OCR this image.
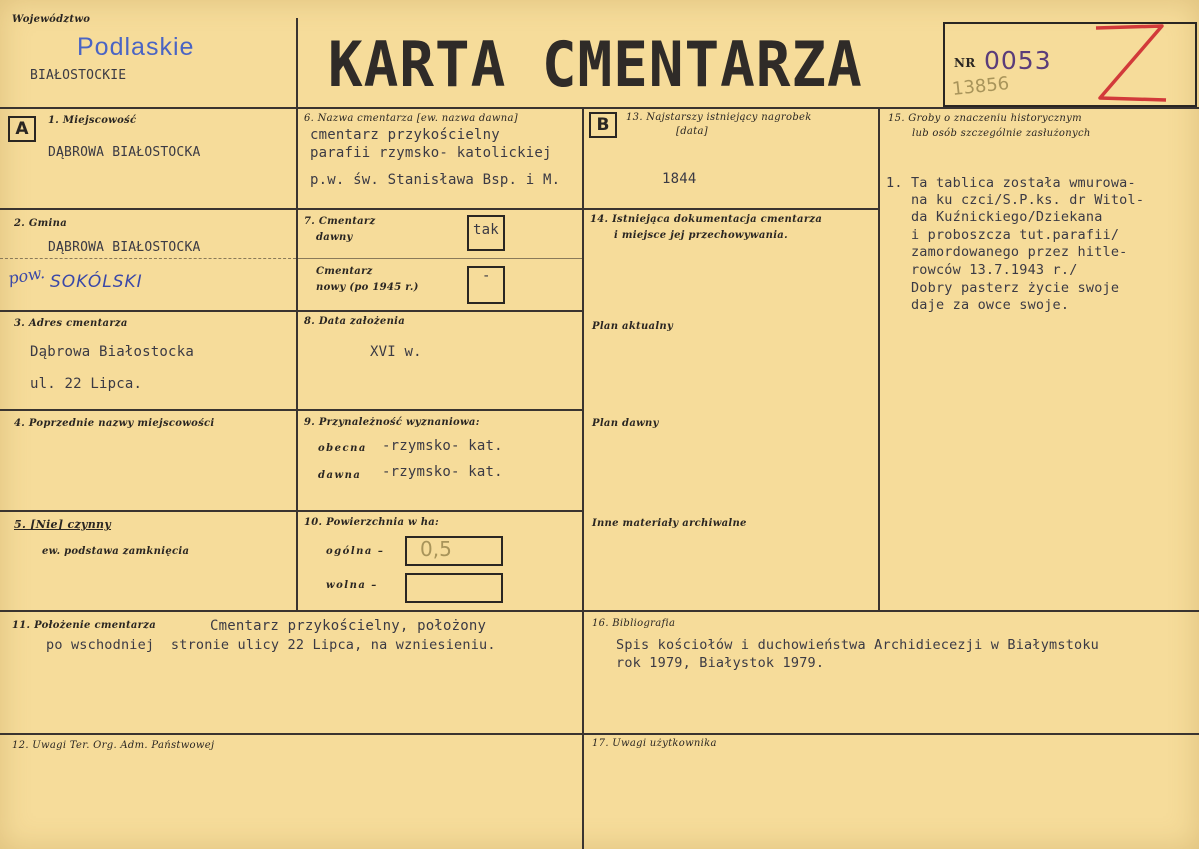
Województwo
Podlaskie
BIAŁOSTOCKIE	KARTA CMENTARZA	NR 0053
13856
A	1. Miejscowość
DĄBROWA BIAŁOSTOCKA
2. Gmina
DĄBROWA BIAŁOSTOCKA
pow. SOKÓLSKI
3. Adres cmentarza
Dąbrowa Białostocka
ul. 22 Lipca.
4. Poprzednie nazwy miejscowości
5. [Nie] czynny
ew. podstawa zamknięcia
6. Nazwa cmentarza [ew. nazwa dawna]
cmentarz przykościelny
parafii rzymsko- katolickiej
p.w. św. Stanisława Bsp. i M.
7. Cmentarz
dawny	tak
Cmentarz
nowy (po 1945 r.)
-
8. Data założenia
XVI w.
9. Przynależność wyznaniowa:
obecna -rzymsko- kat.
dawna -rzymsko- kat.
10. Powierzchnia w ha:
ogólna – 0,5
wolna –
B	13. Najstarszy istniejący nagrobek
[data]
1844
14. Istniejąca dokumentacja cmentarza
i miejsce jej przechowywania.
Plan aktualny
Plan dawny
Inne materiały archiwalne
15. Groby o znaczeniu historycznym
lub osób szczególnie zasłużonych
1. Ta tablica została wmurowa-
na ku czci/S.P.ks. dr Witol-
da Kuźnickiego/Dziekana
i proboszcza tut.parafii/
zamordowanego przez hitle-
rowców 13.7.1943 r./
Dobry pasterz życie swoje
daje za owce swoje.
11. Położenie cmentarza	Cmentarz przykościelny, położony
po wschodniej  stronie ulicy 22 Lipca, na wzniesieniu.
16. Bibliografia
Spis kościołów i duchowieństwa Archidiecezji w Białymstoku
rok 1979, Białystok 1979.
12. Uwagi Ter. Org. Adm. Państwowej	17. Uwagi użytkownika
